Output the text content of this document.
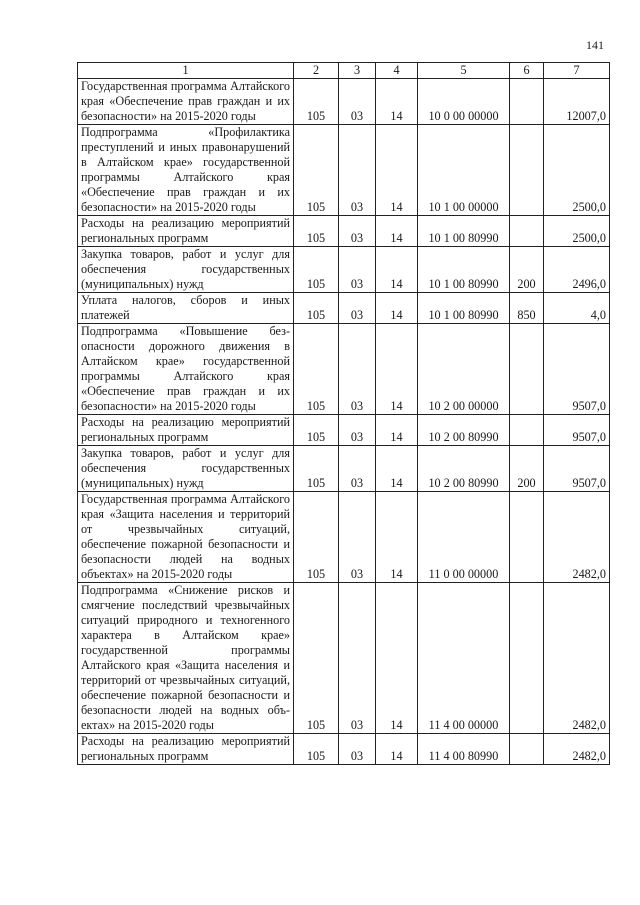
141
1	2	3	4	5	6	7
Государственная программа Алтайского края «Обеспечение прав граждан и их безопасности» на 2015-2020 годы	105	03	14	10 0 00 00000		12007,0
Подпрограмма «Профилактика преступлений и иных правонарушений в Алтайском крае» государственной программы Алтайского края «Обеспечение прав граждан и их безопасности» на 2015-2020 годы	105	03	14	10 1 00 00000		2500,0
Расходы на реализацию мероприятий региональных программ	105	03	14	10 1 00 80990		2500,0
Закупка товаров, работ и услуг для обеспечения государственных (муниципальных) нужд	105	03	14	10 1 00 80990	200	2496,0
Уплата налогов, сборов и иных платежей	105	03	14	10 1 00 80990	850	4,0
Подпрограмма «Повышение безопасности дорожного движения в Алтайском крае» государственной программы Алтайского края «Обеспечение прав граждан и их безопасности» на 2015-2020 годы	105	03	14	10 2 00 00000		9507,0
Расходы на реализацию мероприятий региональных программ	105	03	14	10 2 00 80990		9507,0
Закупка товаров, работ и услуг для обеспечения государственных (муниципальных) нужд	105	03	14	10 2 00 80990	200	9507,0
Государственная программа Алтайского края «Защита населения и территорий от чрезвычайных ситуаций, обеспечение пожарной безопасности и безопасности людей на водных объектах» на 2015-2020 годы	105	03	14	11 0 00 00000		2482,0
Подпрограмма «Снижение рисков и смягчение последствий чрезвычайных ситуаций природного и техногенного характера в Алтайском крае» государственной программы Алтайского края «Защита населения и территорий от чрезвычайных ситуаций, обеспечение пожарной безопасности и безопасности людей на водных объектах» на 2015-2020 годы	105	03	14	11 4 00 00000		2482,0
Расходы на реализацию мероприятий региональных программ	105	03	14	11 4 00 80990		2482,0
